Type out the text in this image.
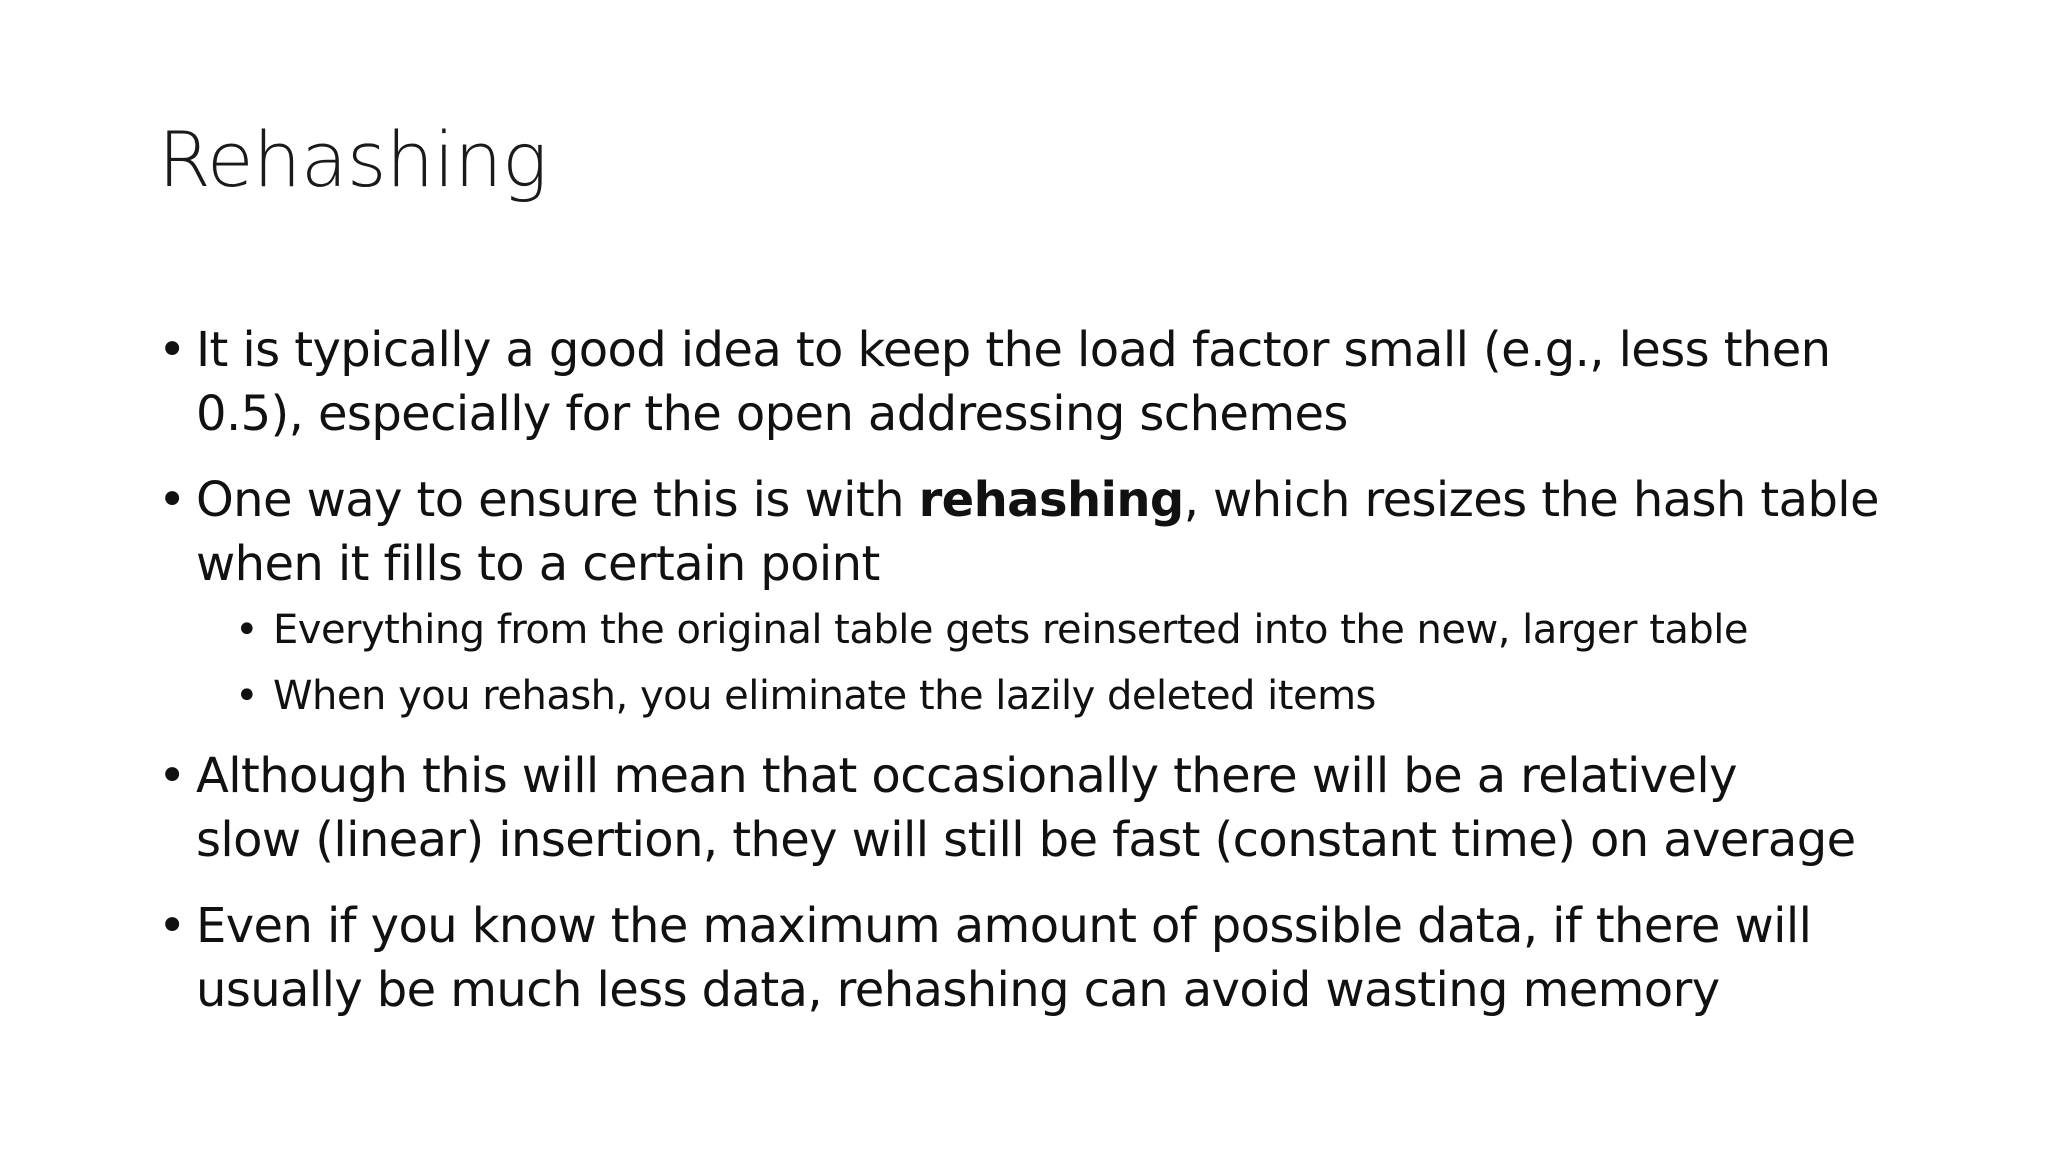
Rehashing
• It is typically a good idea to keep the load factor small (e.g., less then
0.5), especially for the open addressing schemes
• One way to ensure this is with rehashing, which resizes the hash table
when it fills to a certain point
• Everything from the original table gets reinserted into the new, larger table
• When you rehash, you eliminate the lazily deleted items
• Although this will mean that occasionally there will be a relatively
slow (linear) insertion, they will still be fast (constant time) on average
• Even if you know the maximum amount of possible data, if there will
usually be much less data, rehashing can avoid wasting memory
